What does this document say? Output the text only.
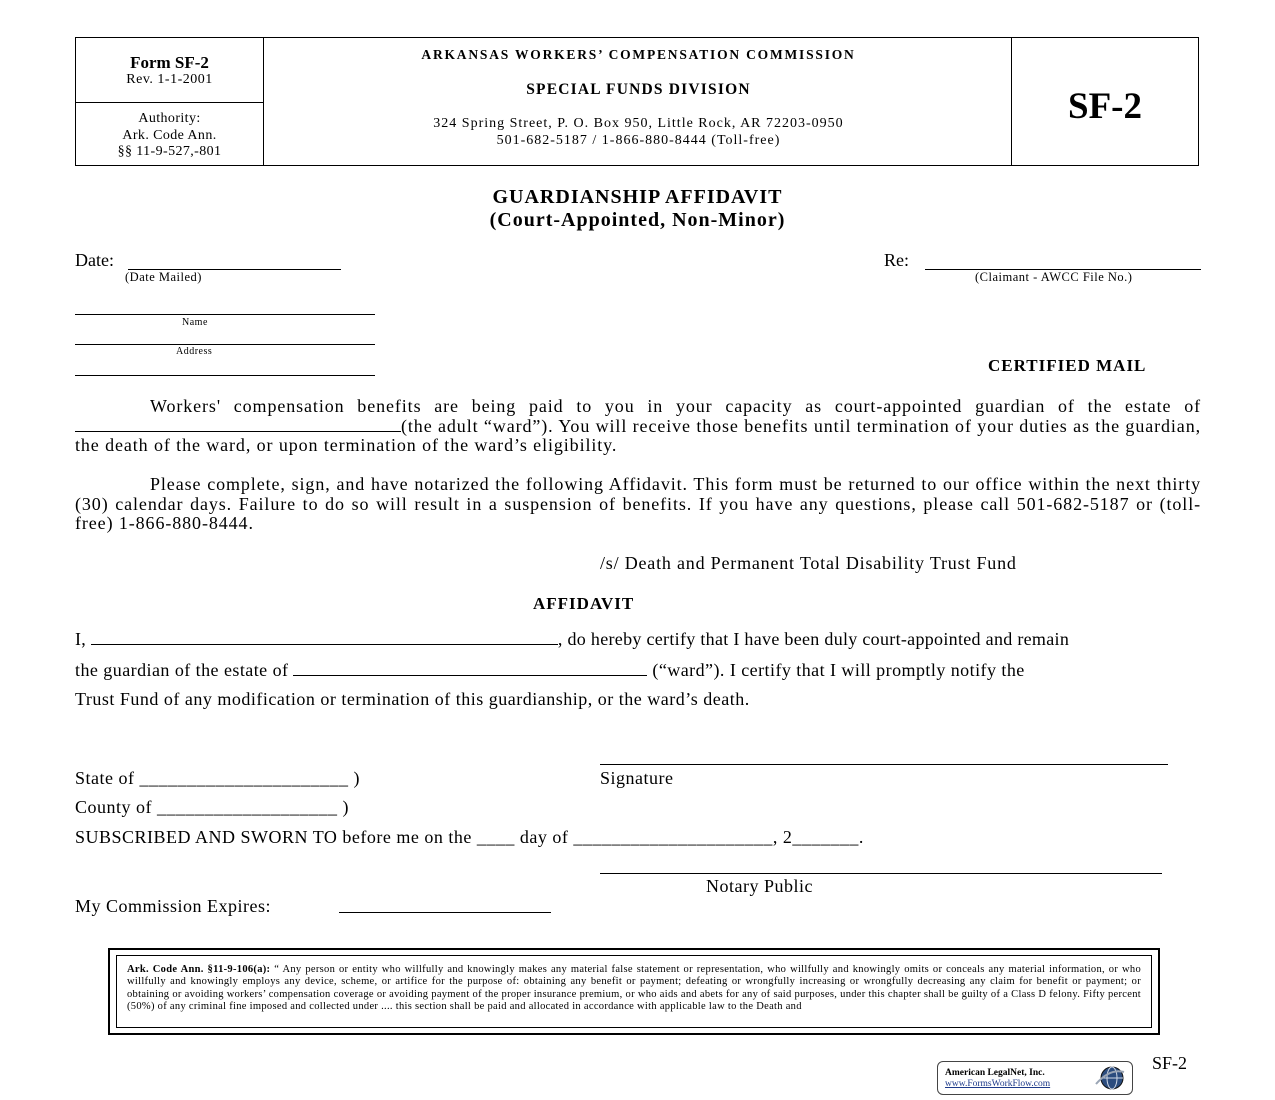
Form SF-2
Rev. 1-1-2001
Authority:
Ark. Code Ann.
§§ 11-9-527,-801
ARKANSAS WORKERS’ COMPENSATION COMMISSION
SPECIAL FUNDS DIVISION
324 Spring Street, P. O. Box 950, Little Rock, AR 72203-0950
501-682-5187 / 1-866-880-8444 (Toll-free)
SF-2
GUARDIANSHIP AFFIDAVIT
(Court-Appointed, Non-Minor)
Date:
(Date Mailed)
Re:
(Claimant - AWCC File No.)
Name
Address
CERTIFIED MAIL
Workers' compensation benefits are being paid to you in your capacity as court-appointed guardian of the estate of (the adult “ward”). You will receive those benefits until termination of your duties as the guardian, the death of the ward, or upon termination of the ward’s eligibility.
Please complete, sign, and have notarized the following Affidavit. This form must be returned to our office within the next thirty (30) calendar days. Failure to do so will result in a suspension of benefits. If you have any questions, please call 501-682-5187 or (toll-free) 1-866-880-8444.
/s/ Death and Permanent Total Disability Trust Fund
AFFIDAVIT
I,	, do hereby certify that I have been duly court-appointed and remain
the guardian of the estate of	(“ward”). I certify that I will promptly notify the
Trust Fund of any modification or termination of this guardianship, or the ward’s death.
Signature
State of ______________________ )
County of ___________________ )
SUBSCRIBED AND SWORN TO before me on the ____ day of _____________________, 2_______.
Notary Public
My Commission Expires:
Ark. Code Ann. §11-9-106(a): “ Any person or entity who willfully and knowingly makes any material false statement or representation, who willfully and knowingly omits or conceals any material information, or who willfully and knowingly employs any device, scheme, or artifice for the purpose of: obtaining any benefit or payment; defeating or wrongfully increasing or wrongfully decreasing any claim for benefit or payment; or obtaining or avoiding workers’ compensation coverage or avoiding payment of the proper insurance premium, or who aids and abets for any of said purposes, under this chapter shall be guilty of a Class D felony. Fifty percent (50%) of any criminal fine imposed and collected under .... this section shall be paid and allocated in accordance with applicable law to the Death and
SF-2
American LegalNet, Inc.
www.FormsWorkFlow.com
